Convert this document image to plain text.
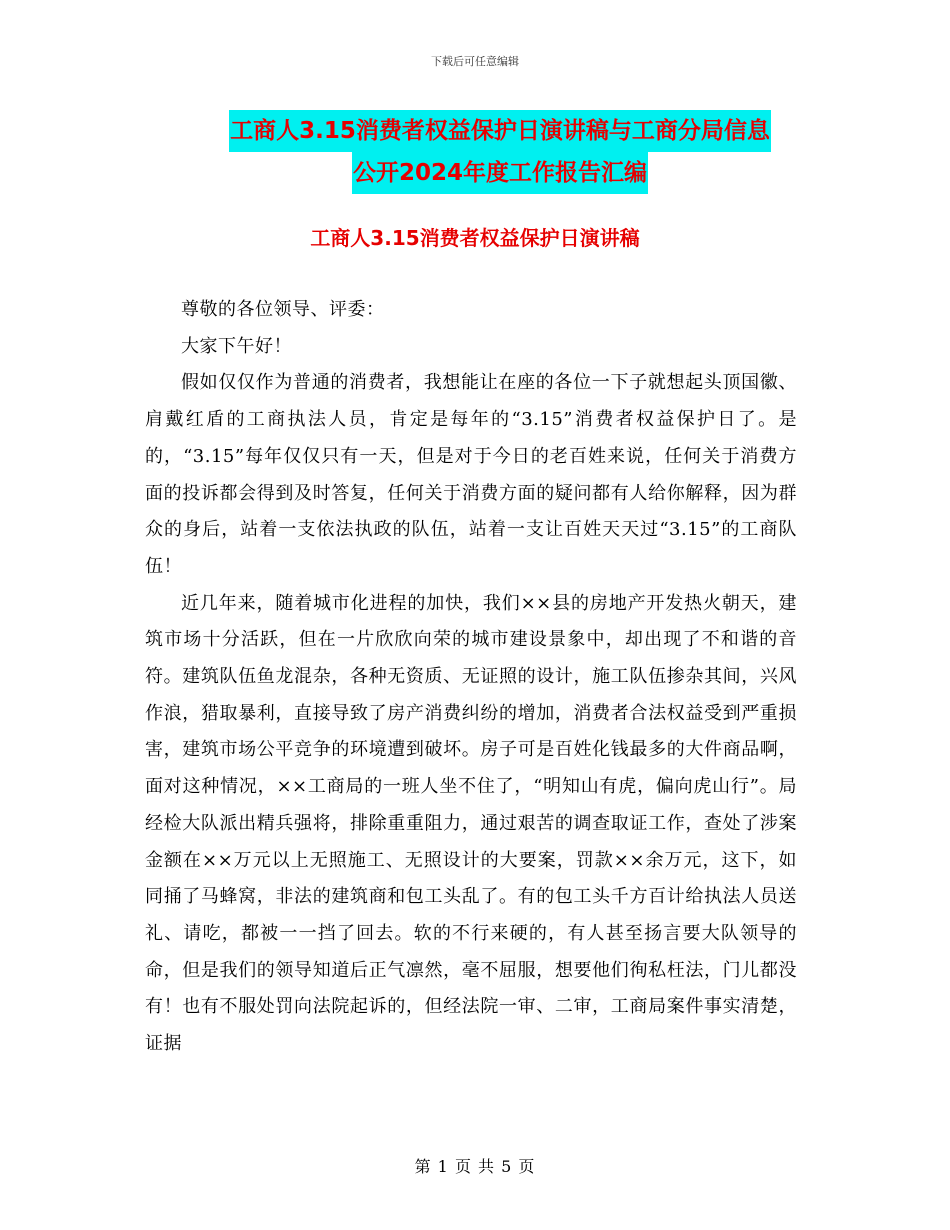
下载后可任意编辑
工商人3.15消费者权益保护日演讲稿与工商分局信息
公开2024年度工作报告汇编
工商人3.15消费者权益保护日演讲稿

尊敬的各位领导、评委：

大家下午好！

假如仅仅作为普通的消费者，我想能让在座的各位一下子就想起头顶国徽、肩戴红盾的工商执法人员，肯定是每年的“3.15”消费者权益保护日了。是的，“3.15”每年仅仅只有一天，但是对于今日的老百姓来说，任何关于消费方面的投诉都会得到及时答复，任何关于消费方面的疑问都有人给你解释，因为群众的身后，站着一支依法执政的队伍，站着一支让百姓天天过“3.15”的工商队伍！

近几年来，随着城市化进程的加快，我们××县的房地产开发热火朝天，建筑市场十分活跃，但在一片欣欣向荣的城市建设景象中，却出现了不和谐的音符。建筑队伍鱼龙混杂，各种无资质、无证照的设计，施工队伍掺杂其间，兴风作浪，猎取暴利，直接导致了房产消费纠纷的增加，消费者合法权益受到严重损害，建筑市场公平竞争的环境遭到破坏。房子可是百姓化钱最多的大件商品啊，面对这种情况，××工商局的一班人坐不住了，“明知山有虎，偏向虎山行”。局经检大队派出精兵强将，排除重重阻力，通过艰苦的调查取证工作，查处了涉案金额在××万元以上无照施工、无照设计的大要案，罚款××余万元，这下，如同捅了马蜂窝，非法的建筑商和包工头乱了。有的包工头千方百计给执法人员送礼、请吃，都被一一挡了回去。软的不行来硬的，有人甚至扬言要大队领导的命，但是我们的领导知道后正气凛然，毫不屈服，想要他们徇私枉法，门儿都没有！也有不服处罚向法院起诉的，但经法院一审、二审，工商局案件事实清楚，证据

第 1 页 共 5 页
